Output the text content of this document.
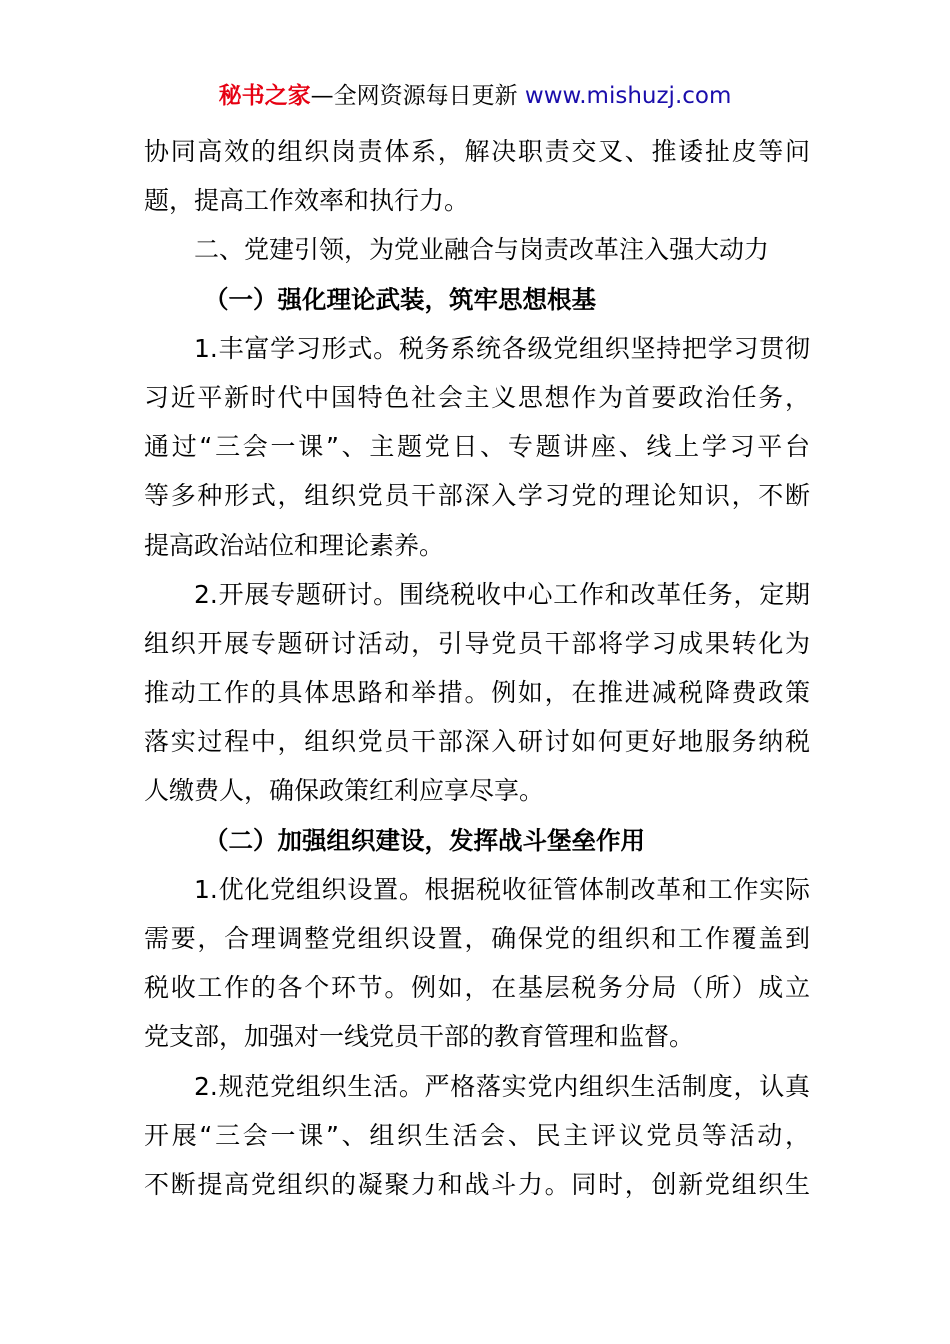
秘书之家—全网资源每日更新 www.mishuzj.com
协同高效的组织岗责体系，解决职责交叉、推诿扯皮等问
题，提高工作效率和执行力。
二、党建引领，为党业融合与岗责改革注入强大动力
（一）强化理论武装，筑牢思想根基
1.丰富学习形式。税务系统各级党组织坚持把学习贯彻
习近平新时代中国特色社会主义思想作为首要政治任务，
通过“三会一课”、主题党日、专题讲座、线上学习平台
等多种形式，组织党员干部深入学习党的理论知识，不断
提高政治站位和理论素养。
2.开展专题研讨。围绕税收中心工作和改革任务，定期
组织开展专题研讨活动，引导党员干部将学习成果转化为
推动工作的具体思路和举措。例如，在推进减税降费政策
落实过程中，组织党员干部深入研讨如何更好地服务纳税
人缴费人，确保政策红利应享尽享。
（二）加强组织建设，发挥战斗堡垒作用
1.优化党组织设置。根据税收征管体制改革和工作实际
需要，合理调整党组织设置，确保党的组织和工作覆盖到
税收工作的各个环节。例如，在基层税务分局（所）成立
党支部，加强对一线党员干部的教育管理和监督。
2.规范党组织生活。严格落实党内组织生活制度，认真
开展“三会一课”、组织生活会、民主评议党员等活动，
不断提高党组织的凝聚力和战斗力。同时，创新党组织生
